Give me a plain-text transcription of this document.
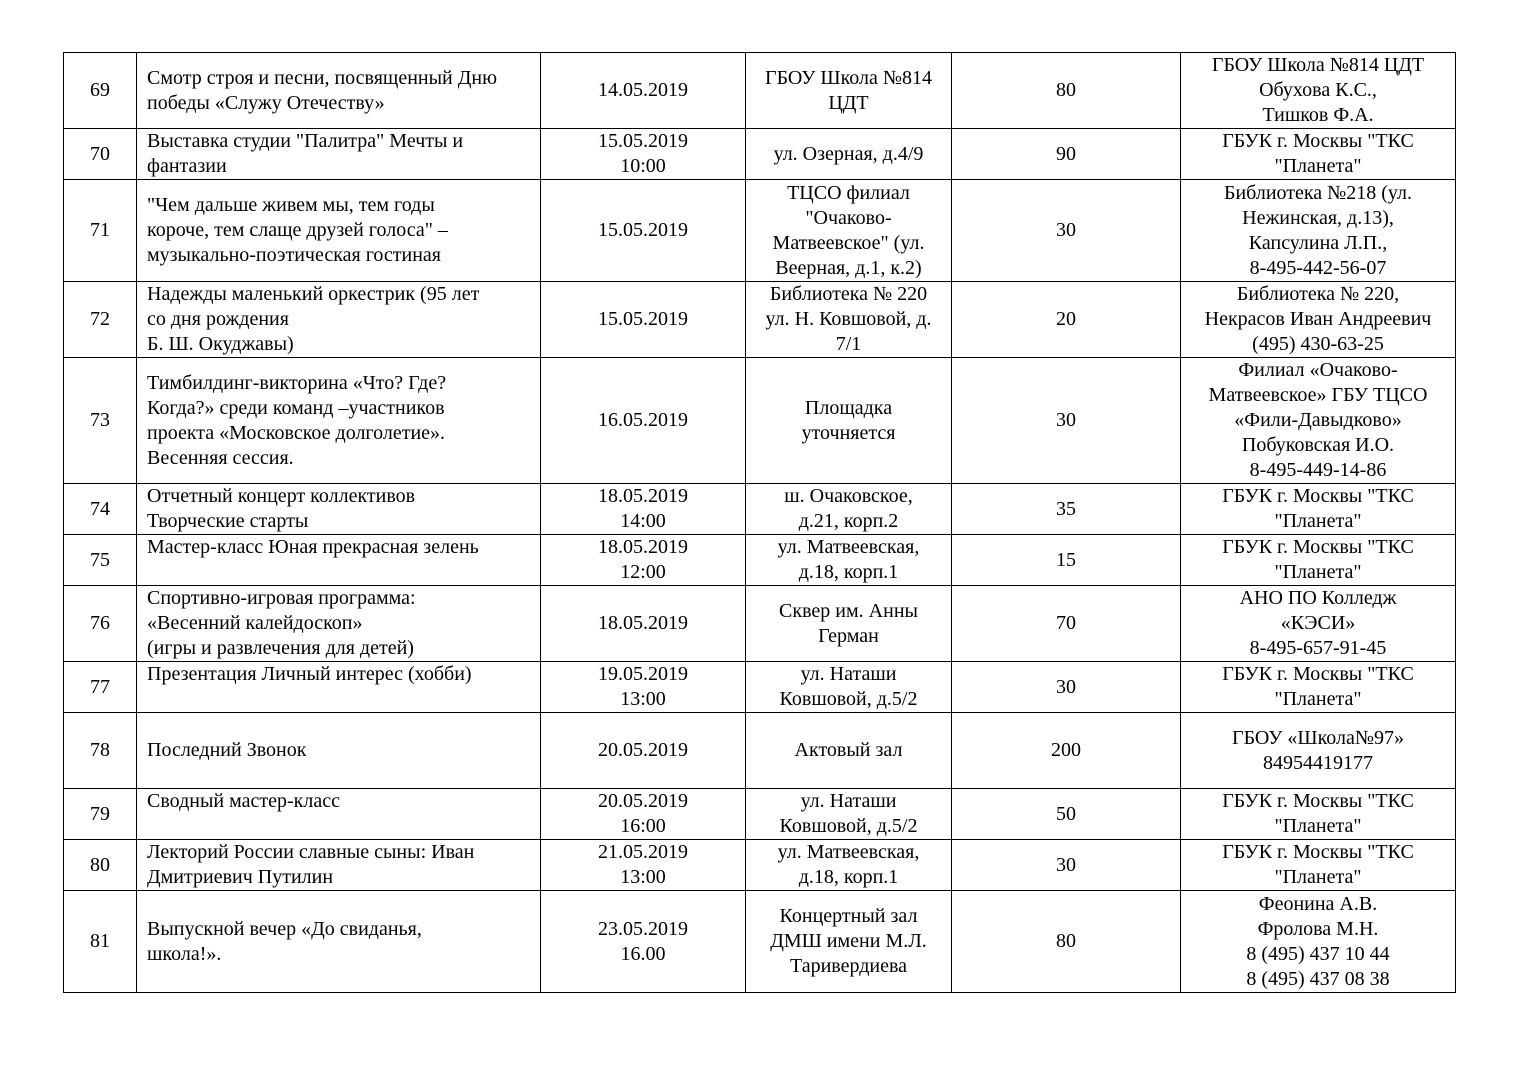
69	Смотр строя и песни, посвященный Дню
победы «Служу Отечеству»	14.05.2019	ГБОУ Школа №814
ЦДТ	80	ГБОУ Школа №814 ЦДТ
Обухова К.С.,
Тишков Ф.А.
70	Выставка студии "Палитра" Мечты и
фантазии	15.05.2019
10:00	ул. Озерная, д.4/9	90	ГБУК г. Москвы "ТКС
"Планета"
71	"Чем дальше живем мы, тем годы
короче, тем слаще друзей голоса" –
музыкально-поэтическая гостиная	15.05.2019	ТЦСО филиал
"Очаково-
Матвеевское" (ул.
Веерная, д.1, к.2)	30	Библиотека №218 (ул.
Нежинская, д.13),
Капсулина Л.П.,
8-495-442-56-07
72	Надежды маленький оркестрик (95 лет
со дня рождения
Б. Ш. Окуджавы)	15.05.2019	Библиотека № 220
ул. Н. Ковшовой, д.
7/1	20	Библиотека № 220,
Некрасов Иван Андреевич
(495) 430-63-25
73	Тимбилдинг-викторина «Что? Где?
Когда?» среди команд –участников
проекта «Московское долголетие».
Весенняя сессия.	16.05.2019	Площадка
уточняется	30	Филиал «Очаково-
Матвеевское» ГБУ ТЦСО
«Фили-Давыдково»
Побуковская И.О.
8-495-449-14-86
74	Отчетный концерт коллективов
Творческие старты	18.05.2019
14:00	ш. Очаковское,
д.21, корп.2	35	ГБУК г. Москвы "ТКС
"Планета"
75	Мастер-класс Юная прекрасная зелень	18.05.2019
12:00	ул. Матвеевская,
д.18, корп.1	15	ГБУК г. Москвы "ТКС
"Планета"
76	Спортивно-игровая программа:
«Весенний калейдоскоп»
(игры и развлечения для детей)	18.05.2019	Сквер им. Анны
Герман	70	АНО ПО Колледж
«КЭСИ»
8-495-657-91-45
77	Презентация Личный интерес (хобби)	19.05.2019
13:00	ул. Наташи
Ковшовой, д.5/2	30	ГБУК г. Москвы "ТКС
"Планета"
78	Последний Звонок	20.05.2019	Актовый зал	200	ГБОУ «Школа№97»
84954419177

79	Сводный мастер-класс	20.05.2019
16:00	ул. Наташи
Ковшовой, д.5/2	50	ГБУК г. Москвы "ТКС
"Планета"
80	Лекторий России славные сыны: Иван
Дмитриевич Путилин	21.05.2019
13:00	ул. Матвеевская,
д.18, корп.1	30	ГБУК г. Москвы "ТКС
"Планета"
81	Выпускной вечер «До свиданья,
школа!».	23.05.2019
16.00	Концертный зал
ДМШ имени М.Л.
Таривердиева	80	Феонина А.В.
Фролова М.Н.
8 (495) 437 10 44
8 (495) 437 08 38
